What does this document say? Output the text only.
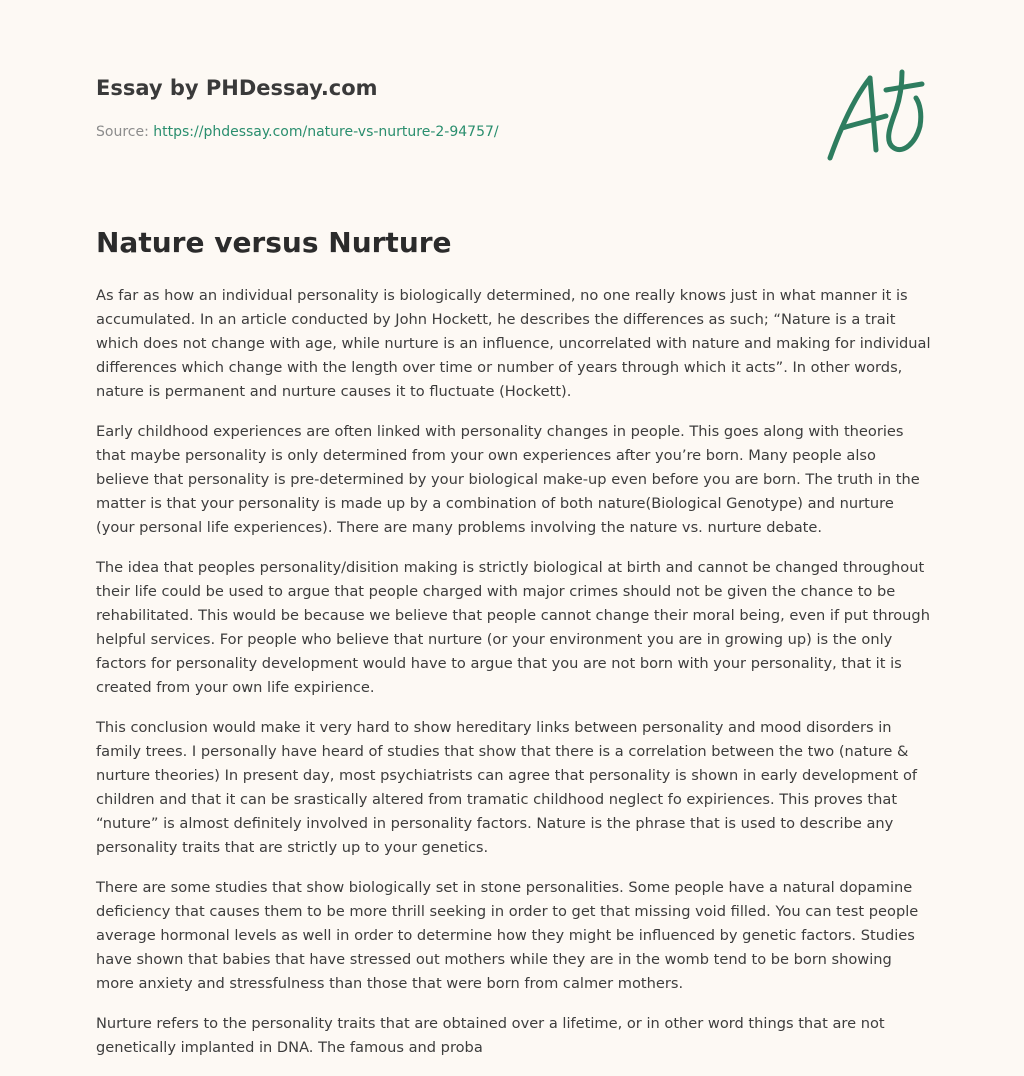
Essay by PHDessay.com
Source: https://phdessay.com/nature-vs-nurture-2-94757/
Nature versus Nurture

As far as how an individual personality is biologically determined, no one really knows just in what manner it is accumulated. In an article conducted by John Hockett, he describes the differences as such; “Nature is a trait which does not change with age, while nurture is an influence, uncorrelated with nature and making for individual differences which change with the length over time or number of years through which it acts”. In other words, nature is permanent and nurture causes it to fluctuate (Hockett).

Early childhood experiences are often linked with personality changes in people. This goes along with theories that maybe personality is only determined from your own experiences after you’re born. Many people also believe that personality is pre-determined by your biological make-up even before you are born. The truth in the matter is that your personality is made up by a combination of both nature(Biological Genotype) and nurture (your personal life experiences). There are many problems involving the nature vs. nurture debate.

The idea that peoples personality/disition making is strictly biological at birth and cannot be changed throughout their life could be used to argue that people charged with major crimes should not be given the chance to be rehabilitated. This would be because we believe that people cannot change their moral being, even if put through helpful services. For people who believe that nurture (or your environment you are in growing up) is the only factors for personality development would have to argue that you are not born with your personality, that it is created from your own life expirience.

This conclusion would make it very hard to show hereditary links between personality and mood disorders in family trees. I personally have heard of studies that show that there is a correlation between the two (nature & nurture theories) In present day, most psychiatrists can agree that personality is shown in early development of children and that it can be srastically altered from tramatic childhood neglect fo expiriences. This proves that “nuture” is almost definitely involved in personality factors. Nature is the phrase that is used to describe any personality traits that are strictly up to your genetics.

There are some studies that show biologically set in stone personalities. Some people have a natural dopamine deficiency that causes them to be more thrill seeking in order to get that missing void filled. You can test people average hormonal levels as well in order to determine how they might be influenced by genetic factors. Studies have shown that babies that have stressed out mothers while they are in the womb tend to be born showing more anxiety and stressfulness than those that were born from calmer mothers.

Nurture refers to the personality traits that are obtained over a lifetime, or in other word things that are not genetically implanted in DNA. The famous and proba
